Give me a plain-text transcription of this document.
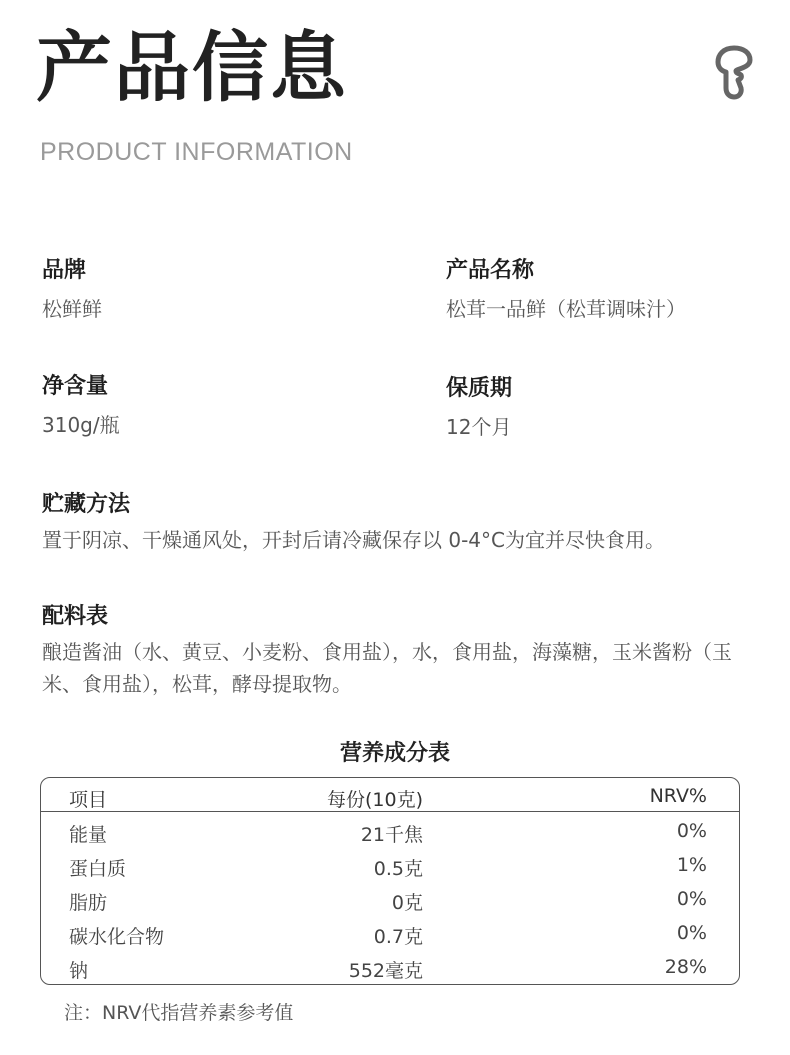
产品信息
PRODUCT INFORMATION
品牌
松鲜鲜
产品名称
松茸一品鲜（松茸调味汁）
净含量
310g/瓶
保质期
12个月
贮藏方法
置于阴凉、干燥通风处，开封后请冷藏保存以 0-4°C为宜并尽快食用。
配料表
酿造酱油（水、黄豆、小麦粉、食用盐），水，食用盐，海藻糖，玉米酱粉（玉米、食用盐），松茸，酵母提取物。
营养成分表
项目	每份(10克)	NRV%
能量	21千焦	0%
蛋白质	0.5克	1%
脂肪	0克	0%
碳水化合物	0.7克	0%
钠	552毫克	28%
注：NRV代指营养素参考值
